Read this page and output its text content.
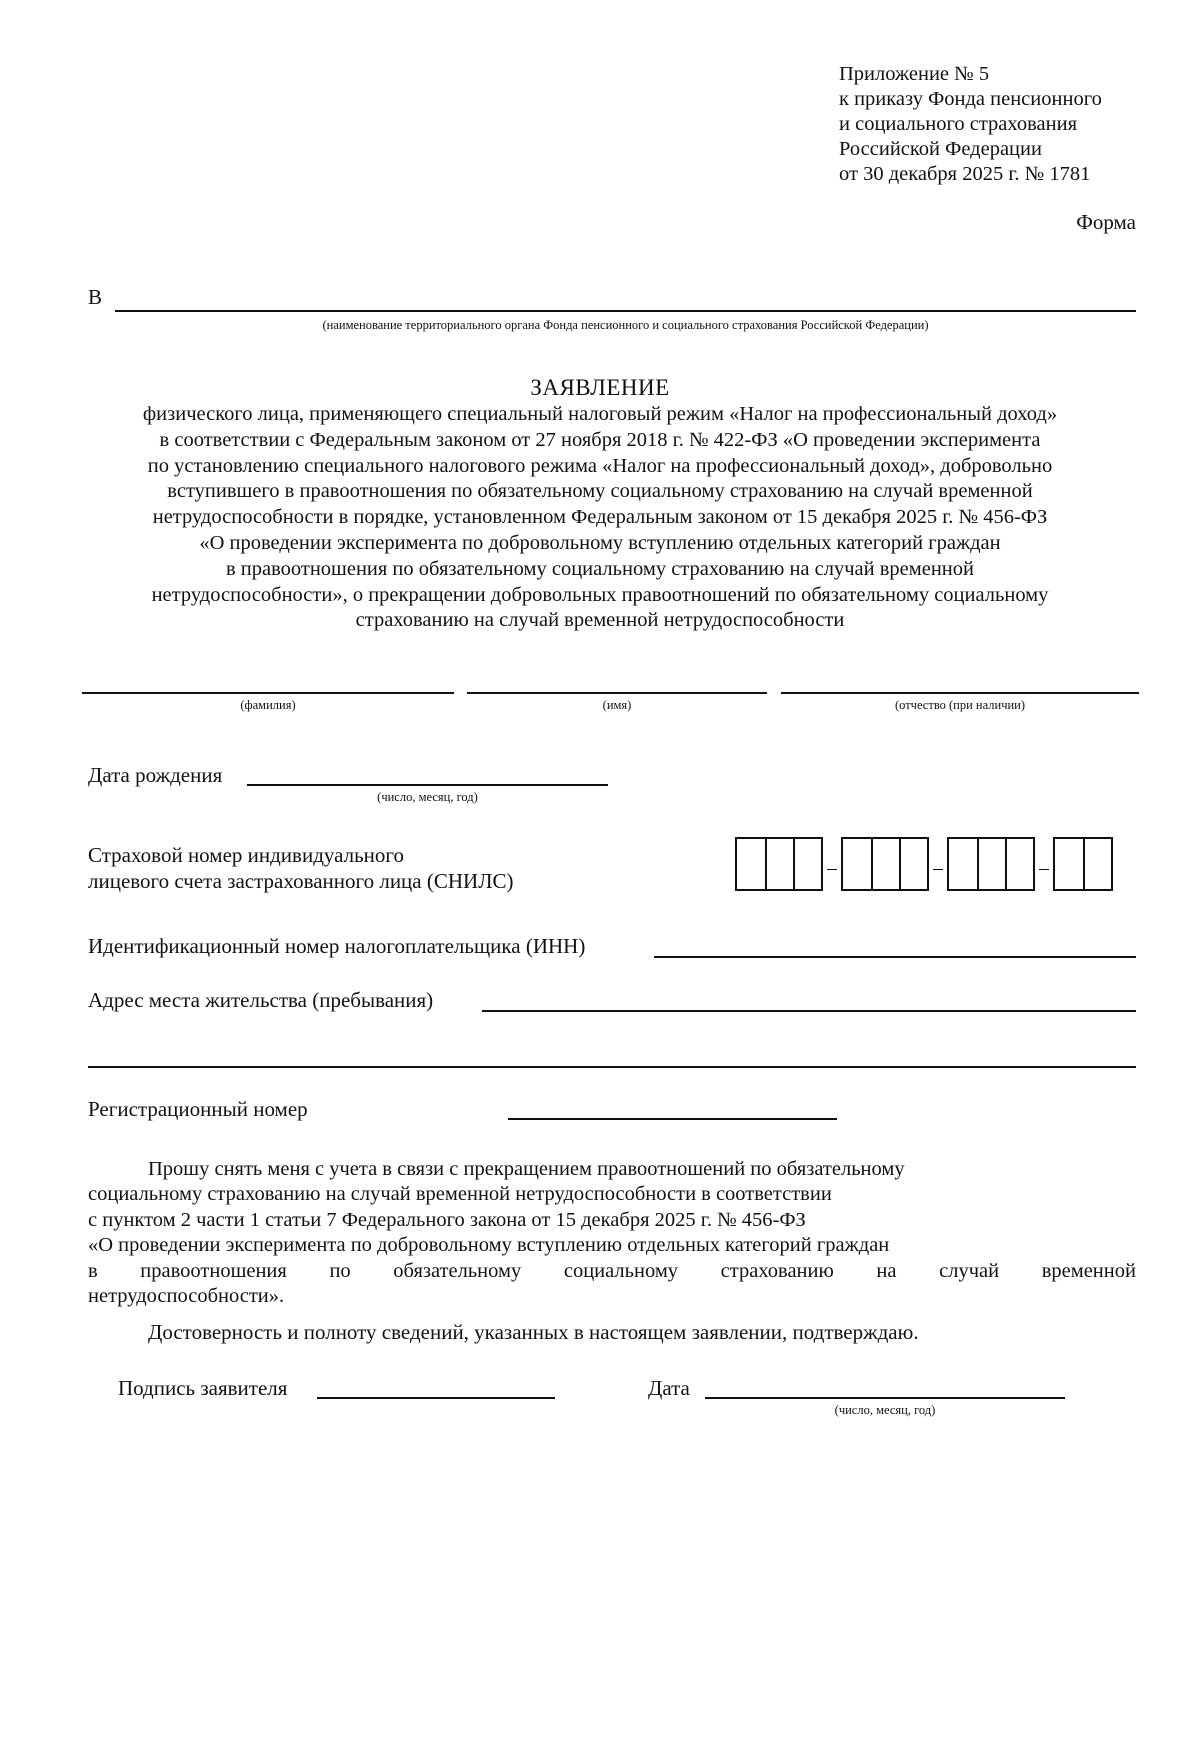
Приложение № 5
к приказу Фонда пенсионного
и социального страхования
Российской Федерации
от 30 декабря 2025 г. № 1781
Форма
В
(наименование территориального органа Фонда пенсионного и социального страхования Российской Федерации)
ЗАЯВЛЕНИЕ
физического лица, применяющего специальный налоговый режим «Налог на профессиональный доход»
в соответствии с Федеральным законом от 27 ноября 2018 г. № 422-ФЗ «О проведении эксперимента
по установлению специального налогового режима «Налог на профессиональный доход», добровольно
вступившего в правоотношения по обязательному социальному страхованию на случай временной
нетрудоспособности в порядке, установленном Федеральным законом от 15 декабря 2025 г. № 456-ФЗ
«О проведении эксперимента по добровольному вступлению отдельных категорий граждан
в правоотношения по обязательному социальному страхованию на случай временной
нетрудоспособности», о прекращении добровольных правоотношений по обязательному социальному
страхованию на случай временной нетрудоспособности
(фамилия)	(имя)	(отчество (при наличии)
Дата рождения
(число, месяц, год)
Страховой номер индивидуального
лицевого счета застрахованного лица (СНИЛС)
Идентификационный номер налогоплательщика (ИНН)
Адрес места жительства (пребывания)
Регистрационный номер
Прошу снять меня с учета в связи с прекращением правоотношений по обязательному
социальному страхованию на случай временной нетрудоспособности в соответствии
с пунктом 2 части 1 статьи 7 Федерального закона от 15 декабря 2025 г. № 456-ФЗ
«О проведении эксперимента по добровольному вступлению отдельных категорий граждан
в правоотношения по обязательному социальному страхованию на случай временной
нетрудоспособности».
Достоверность и полноту сведений, указанных в настоящем заявлении, подтверждаю.
Подпись заявителя	Дата
(число, месяц, год)
